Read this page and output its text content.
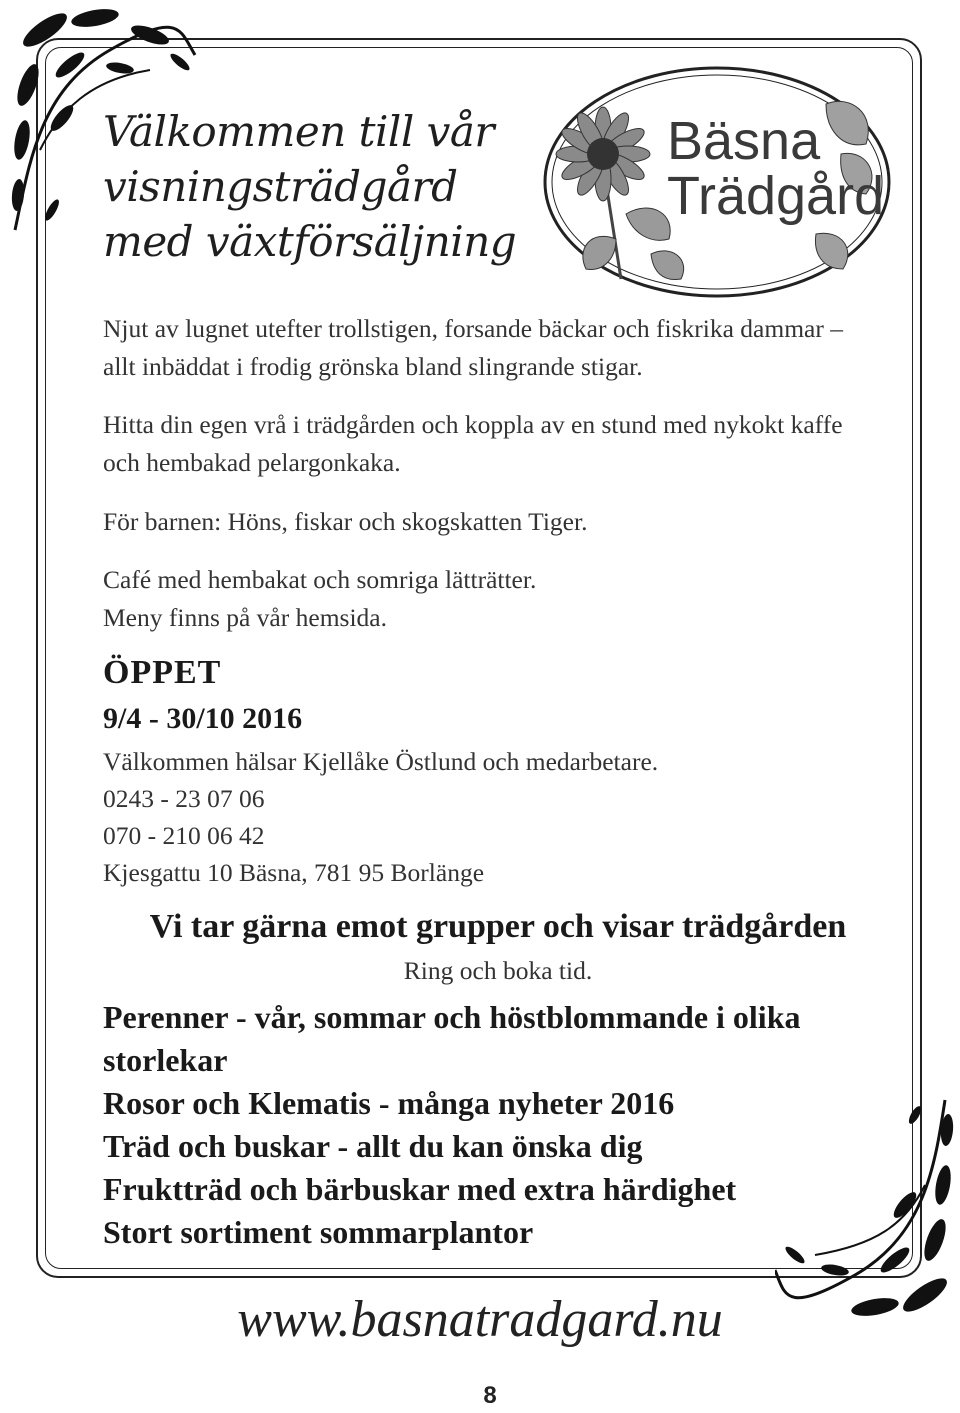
Välkommen till vår
visningsträdgård
med växtförsäljning
Bäsna
Trädgård

Njut av lugnet utefter trollstigen, forsande bäckar och fiskrika dammar – allt inbäddat i frodig grönska bland slingrande stigar.

Hitta din egen vrå i trädgården och koppla av en stund med nykokt kaffe och hembakad pelargonkaka.

För barnen: Höns, fiskar och skogskatten Tiger.

Café med hembakat och somriga lätträtter.
Meny finns på vår hemsida.
ÖPPET

9/4 - 30/10 2016

Välkommen hälsar Kjellåke Östlund och medarbetare.
0243 - 23 07 06
070 - 210 06 42
Kjesgattu 10 Bäsna, 781 95 Borlänge
Vi tar gärna emot grupper och visar trädgården

Ring och boka tid.

Perenner - vår, sommar och höstblommande i olika storlekar
Rosor och Klematis - många nyheter 2016
Träd och buskar - allt du kan önska dig
Fruktträd och bärbuskar med extra härdighet
Stort sortiment sommarplantor

www.basnatradgard.nu

8
